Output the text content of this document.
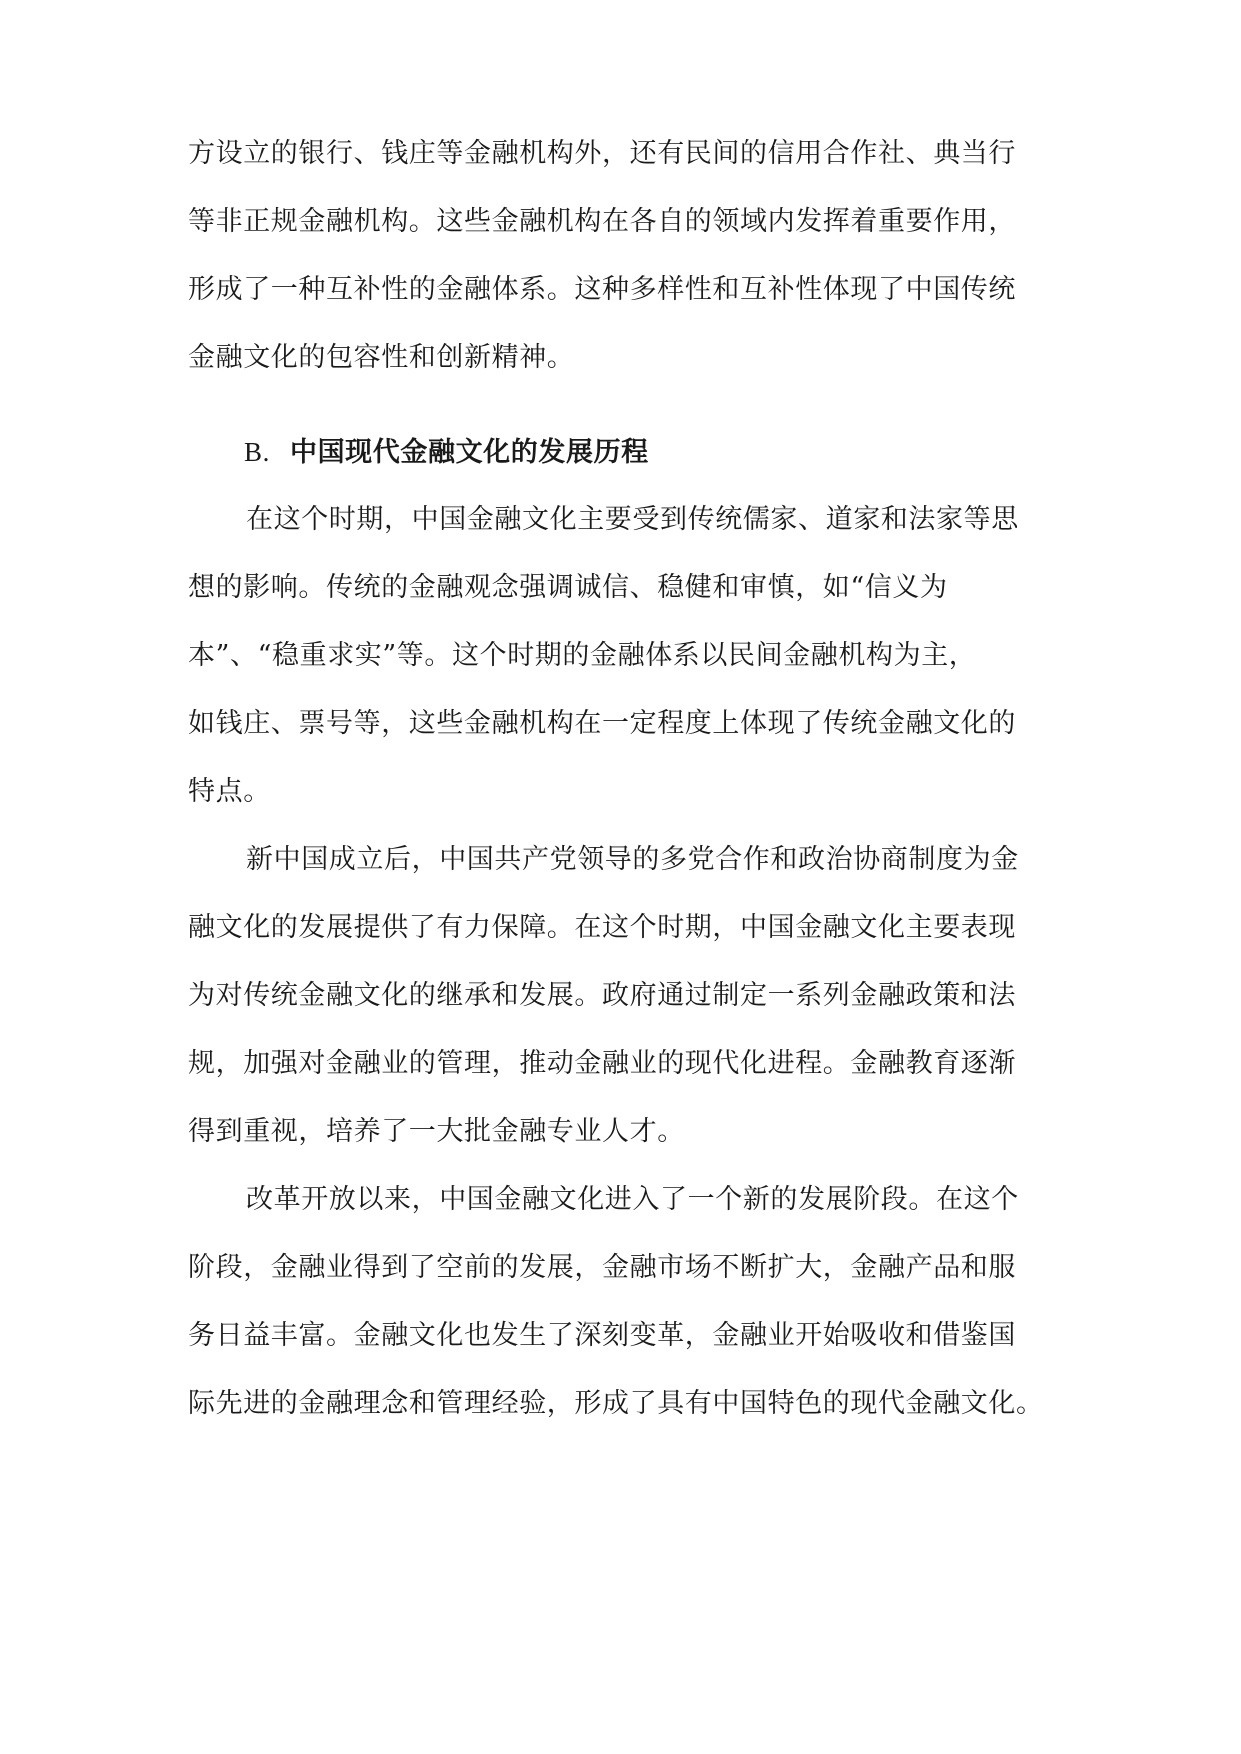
方设立的银行、钱庄等金融机构外，还有民间的信用合作社、典当行
等非正规金融机构。这些金融机构在各自的领域内发挥着重要作用，
形成了一种互补性的金融体系。这种多样性和互补性体现了中国传统
金融文化的包容性和创新精神。
B. 中国现代金融文化的发展历程
在这个时期，中国金融文化主要受到传统儒家、道家和法家等思
想的影响。传统的金融观念强调诚信、稳健和审慎，如“信义为
本”、“稳重求实”等。这个时期的金融体系以民间金融机构为主，
如钱庄、票号等，这些金融机构在一定程度上体现了传统金融文化的
特点。
新中国成立后，中国共产党领导的多党合作和政治协商制度为金
融文化的发展提供了有力保障。在这个时期，中国金融文化主要表现
为对传统金融文化的继承和发展。政府通过制定一系列金融政策和法
规，加强对金融业的管理，推动金融业的现代化进程。金融教育逐渐
得到重视，培养了一大批金融专业人才。
改革开放以来，中国金融文化进入了一个新的发展阶段。在这个
阶段，金融业得到了空前的发展，金融市场不断扩大，金融产品和服
务日益丰富。金融文化也发生了深刻变革，金融业开始吸收和借鉴国
际先进的金融理念和管理经验，形成了具有中国特色的现代金融文化。
